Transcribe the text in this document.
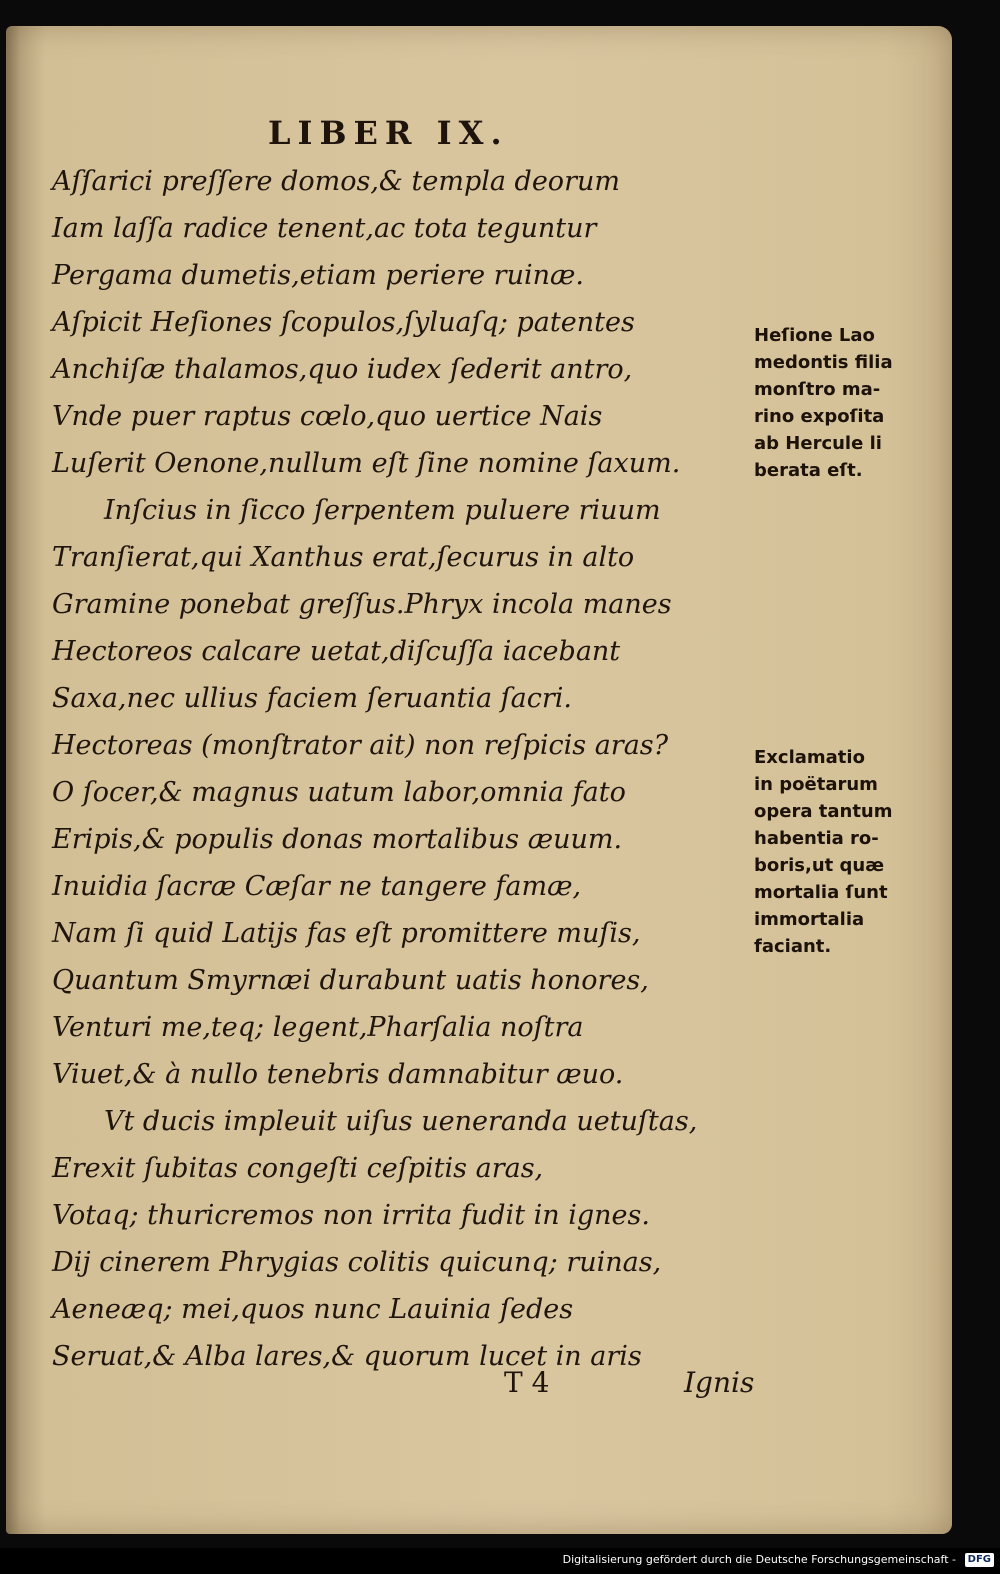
LIBER IX.
Aſſarici preſſere domos,& templa deorum
Iam laſſa radice tenent,ac tota teguntur
Pergama dumetis,etiam periere ruinæ.
Aſpicit Heſiones ſcopulos,ſyluaſq; patentes
Anchiſæ thalamos,quo iudex ſederit antro,
Vnde puer raptus cœlo,quo uertice Nais
Luſerit Oenone,nullum eſt ſine nomine ſaxum.
Inſcius in ſicco ſerpentem puluere riuum
Tranſierat,qui Xanthus erat,ſecurus in alto
Gramine ponebat greſſus.Phryx incola manes
Hectoreos calcare uetat,diſcuſſa iacebant
Saxa,nec ullius faciem ſeruantia ſacri.
Hectoreas (monſtrator ait) non reſpicis aras?
O ſocer,& magnus uatum labor,omnia fato
Eripis,& populis donas mortalibus æuum.
Inuidia ſacræ Cæſar ne tangere famæ,
Nam ſi quid Latijs fas eſt promittere muſis,
Quantum Smyrnæi durabunt uatis honores,
Venturi me,teq; legent,Pharſalia noſtra
Viuet,& à nullo tenebris damnabitur æuo.
Vt ducis impleuit uiſus ueneranda uetuſtas,
Erexit ſubitas congeſti ceſpitis aras,
Votaq; thuricremos non irrita fudit in ignes.
Dij cinerem Phrygias colitis quicunq; ruinas,
Aeneæq; mei,quos nunc Lauinia ſedes
Seruat,& Alba lares,& quorum lucet in aris
Heſione Lao
medontis filia
monſtro ma-
rino expoſita
ab Hercule li
berata eſt.
Exclamatio
in poëtarum
opera tantum
habentia ro-
boris,ut quæ
mortalia ſunt
immortalia
faciant.
T 4	Ignis
Digitalisierung gefördert durch die Deutsche Forschungsgemeinschaft -	DFG
